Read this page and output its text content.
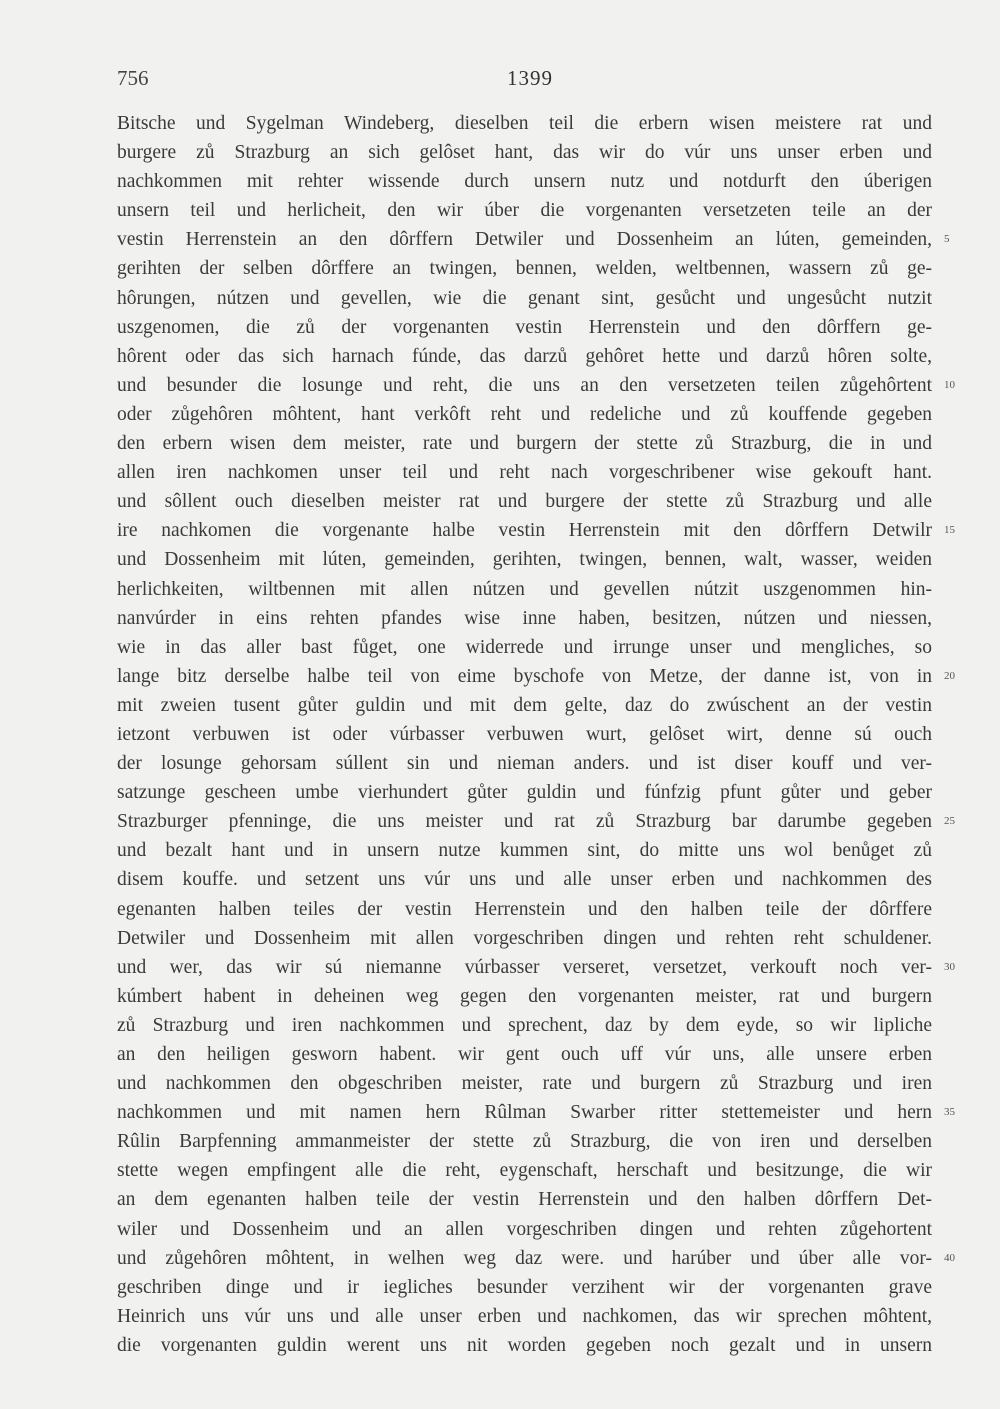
756	1399
Bitsche und Sygelman Windeberg, dieselben teil die erbern wisen meistere rat und
burgere zů Strazburg an sich gelôset hant, das wir do vúr uns unser erben und
nachkommen mit rehter wissende durch unsern nutz und notdurft den úberigen
unsern teil und herlicheit, den wir úber die vorgenanten versetzeten teile an der
vestin Herrenstein an den dôrffern Detwiler und Dossenheim an lúten, gemeinden,
gerihten der selben dôrffere an twingen, bennen, welden, weltbennen, wassern zů ge-
hôrungen, nútzen und gevellen, wie die genant sint, gesůcht und ungesůcht nutzit
uszgenomen, die zů der vorgenanten vestin Herrenstein und den dôrffern ge-
hôrent oder das sich harnach fúnde, das darzů gehôret hette und darzů hôren solte,
und besunder die losunge und reht, die uns an den versetzeten teilen zůgehôrtent
oder zůgehôren môhtent, hant verkôft reht und redeliche und zů kouffende gegeben
den erbern wisen dem meister, rate und burgern der stette zů Strazburg, die in und
allen iren nachkomen unser teil und reht nach vorgeschribener wise gekouft hant.
und sôllent ouch dieselben meister rat und burgere der stette zů Strazburg und alle
ire nachkomen die vorgenante halbe vestin Herrenstein mit den dôrffern Detwilr
und Dossenheim mit lúten, gemeinden, gerihten, twingen, bennen, walt, wasser, weiden
herlichkeiten, wiltbennen mit allen nútzen und gevellen nútzit uszgenommen hin-
nanvúrder in eins rehten pfandes wise inne haben, besitzen, nútzen und niessen,
wie in das aller bast fůget, one widerrede und irrunge unser und mengliches, so
lange bitz derselbe halbe teil von eime byschofe von Metze, der danne ist, von in
mit zweien tusent gůter guldin und mit dem gelte, daz do zwúschent an der vestin
ietzont verbuwen ist oder vúrbasser verbuwen wurt, gelôset wirt, denne sú ouch
der losunge gehorsam súllent sin und nieman anders. und ist diser kouff und ver-
satzunge gescheen umbe vierhundert gůter guldin und fúnfzig pfunt gůter und geber
Strazburger pfenninge, die uns meister und rat zů Strazburg bar darumbe gegeben
und bezalt hant und in unsern nutze kummen sint, do mitte uns wol benůget zů
disem kouffe. und setzent uns vúr uns und alle unser erben und nachkommen des
egenanten halben teiles der vestin Herrenstein und den halben teile der dôrffere
Detwiler und Dossenheim mit allen vorgeschriben dingen und rehten reht schuldener.
und wer, das wir sú niemanne vúrbasser verseret, versetzet, verkouft noch ver-
kúmbert habent in deheinen weg gegen den vorgenanten meister, rat und burgern
zů Strazburg und iren nachkommen und sprechent, daz by dem eyde, so wir lipliche
an den heiligen gesworn habent. wir gent ouch uff vúr uns, alle unsere erben
und nachkommen den obgeschriben meister, rate und burgern zů Strazburg und iren
nachkommen und mit namen hern Rûlman Swarber ritter stettemeister und hern
Rûlin Barpfenning ammanmeister der stette zů Strazburg, die von iren und derselben
stette wegen empfingent alle die reht, eygenschaft, herschaft und besitzunge, die wir
an dem egenanten halben teile der vestin Herrenstein und den halben dôrffern Det-
wiler und Dossenheim und an allen vorgeschriben dingen und rehten zůgehortent
und zůgehôren môhtent, in welhen weg daz were. und harúber und úber alle vor-
geschriben dinge und ir iegliches besunder verzihent wir der vorgenanten grave
Heinrich uns vúr uns und alle unser erben und nachkomen, das wir sprechen môhtent,
die vorgenanten guldin werent uns nit worden gegeben noch gezalt und in unsern
5
10
15
20
25
30
35
40
